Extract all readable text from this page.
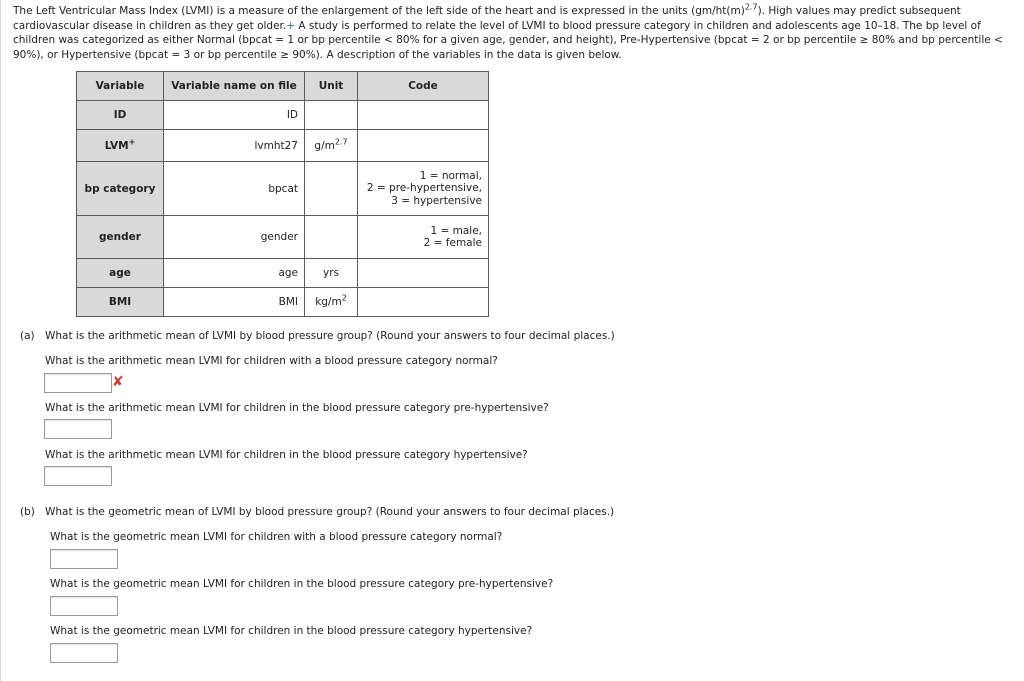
The Left Ventricular Mass Index (LVMI) is a measure of the enlargement of the left side of the heart and is expressed in the units $(gm/ht(m)^{2.7})$. High values may predict subsequent cardiovascular disease in children as they get older.+ A study is performed to relate the level of LVMI to blood pressure category in children and adolescents age 10–18. The bp level of children was categorized as either Normal (bpcat = 1 or bp percentile < 80% for a given age, gender, and height), Pre-Hypertensive (bpcat = 2 or bp percentile ≥ 80% and bp percentile < 90%), or Hypertensive (bpcat = 3 or bp percentile ≥ 90%). A description of the variables in the data is given below.
Variable	Variable name on file	Unit	Code
ID	ID		
LVM+	lvmht27	$g/m^{2.7}$	
bp category	bpcat		1 = normal,
2 = pre-hypertensive,
3 = hypertensive
gender	gender		1 = male,
2 = female
age	age	yrs	
BMI	BMI	$kg/m^2$	
(a) What is the arithmetic mean of LVMI by blood pressure group? (Round your answers to four decimal places.)
What is the arithmetic mean LVMI for children with a blood pressure category normal?
✘
What is the arithmetic mean LVMI for children in the blood pressure category pre-hypertensive?
What is the arithmetic mean LVMI for children in the blood pressure category hypertensive?
(b) What is the geometric mean of LVMI by blood pressure group? (Round your answers to four decimal places.)
What is the geometric mean LVMI for children with a blood pressure category normal?
What is the geometric mean LVMI for children in the blood pressure category pre-hypertensive?
What is the geometric mean LVMI for children in the blood pressure category hypertensive?
